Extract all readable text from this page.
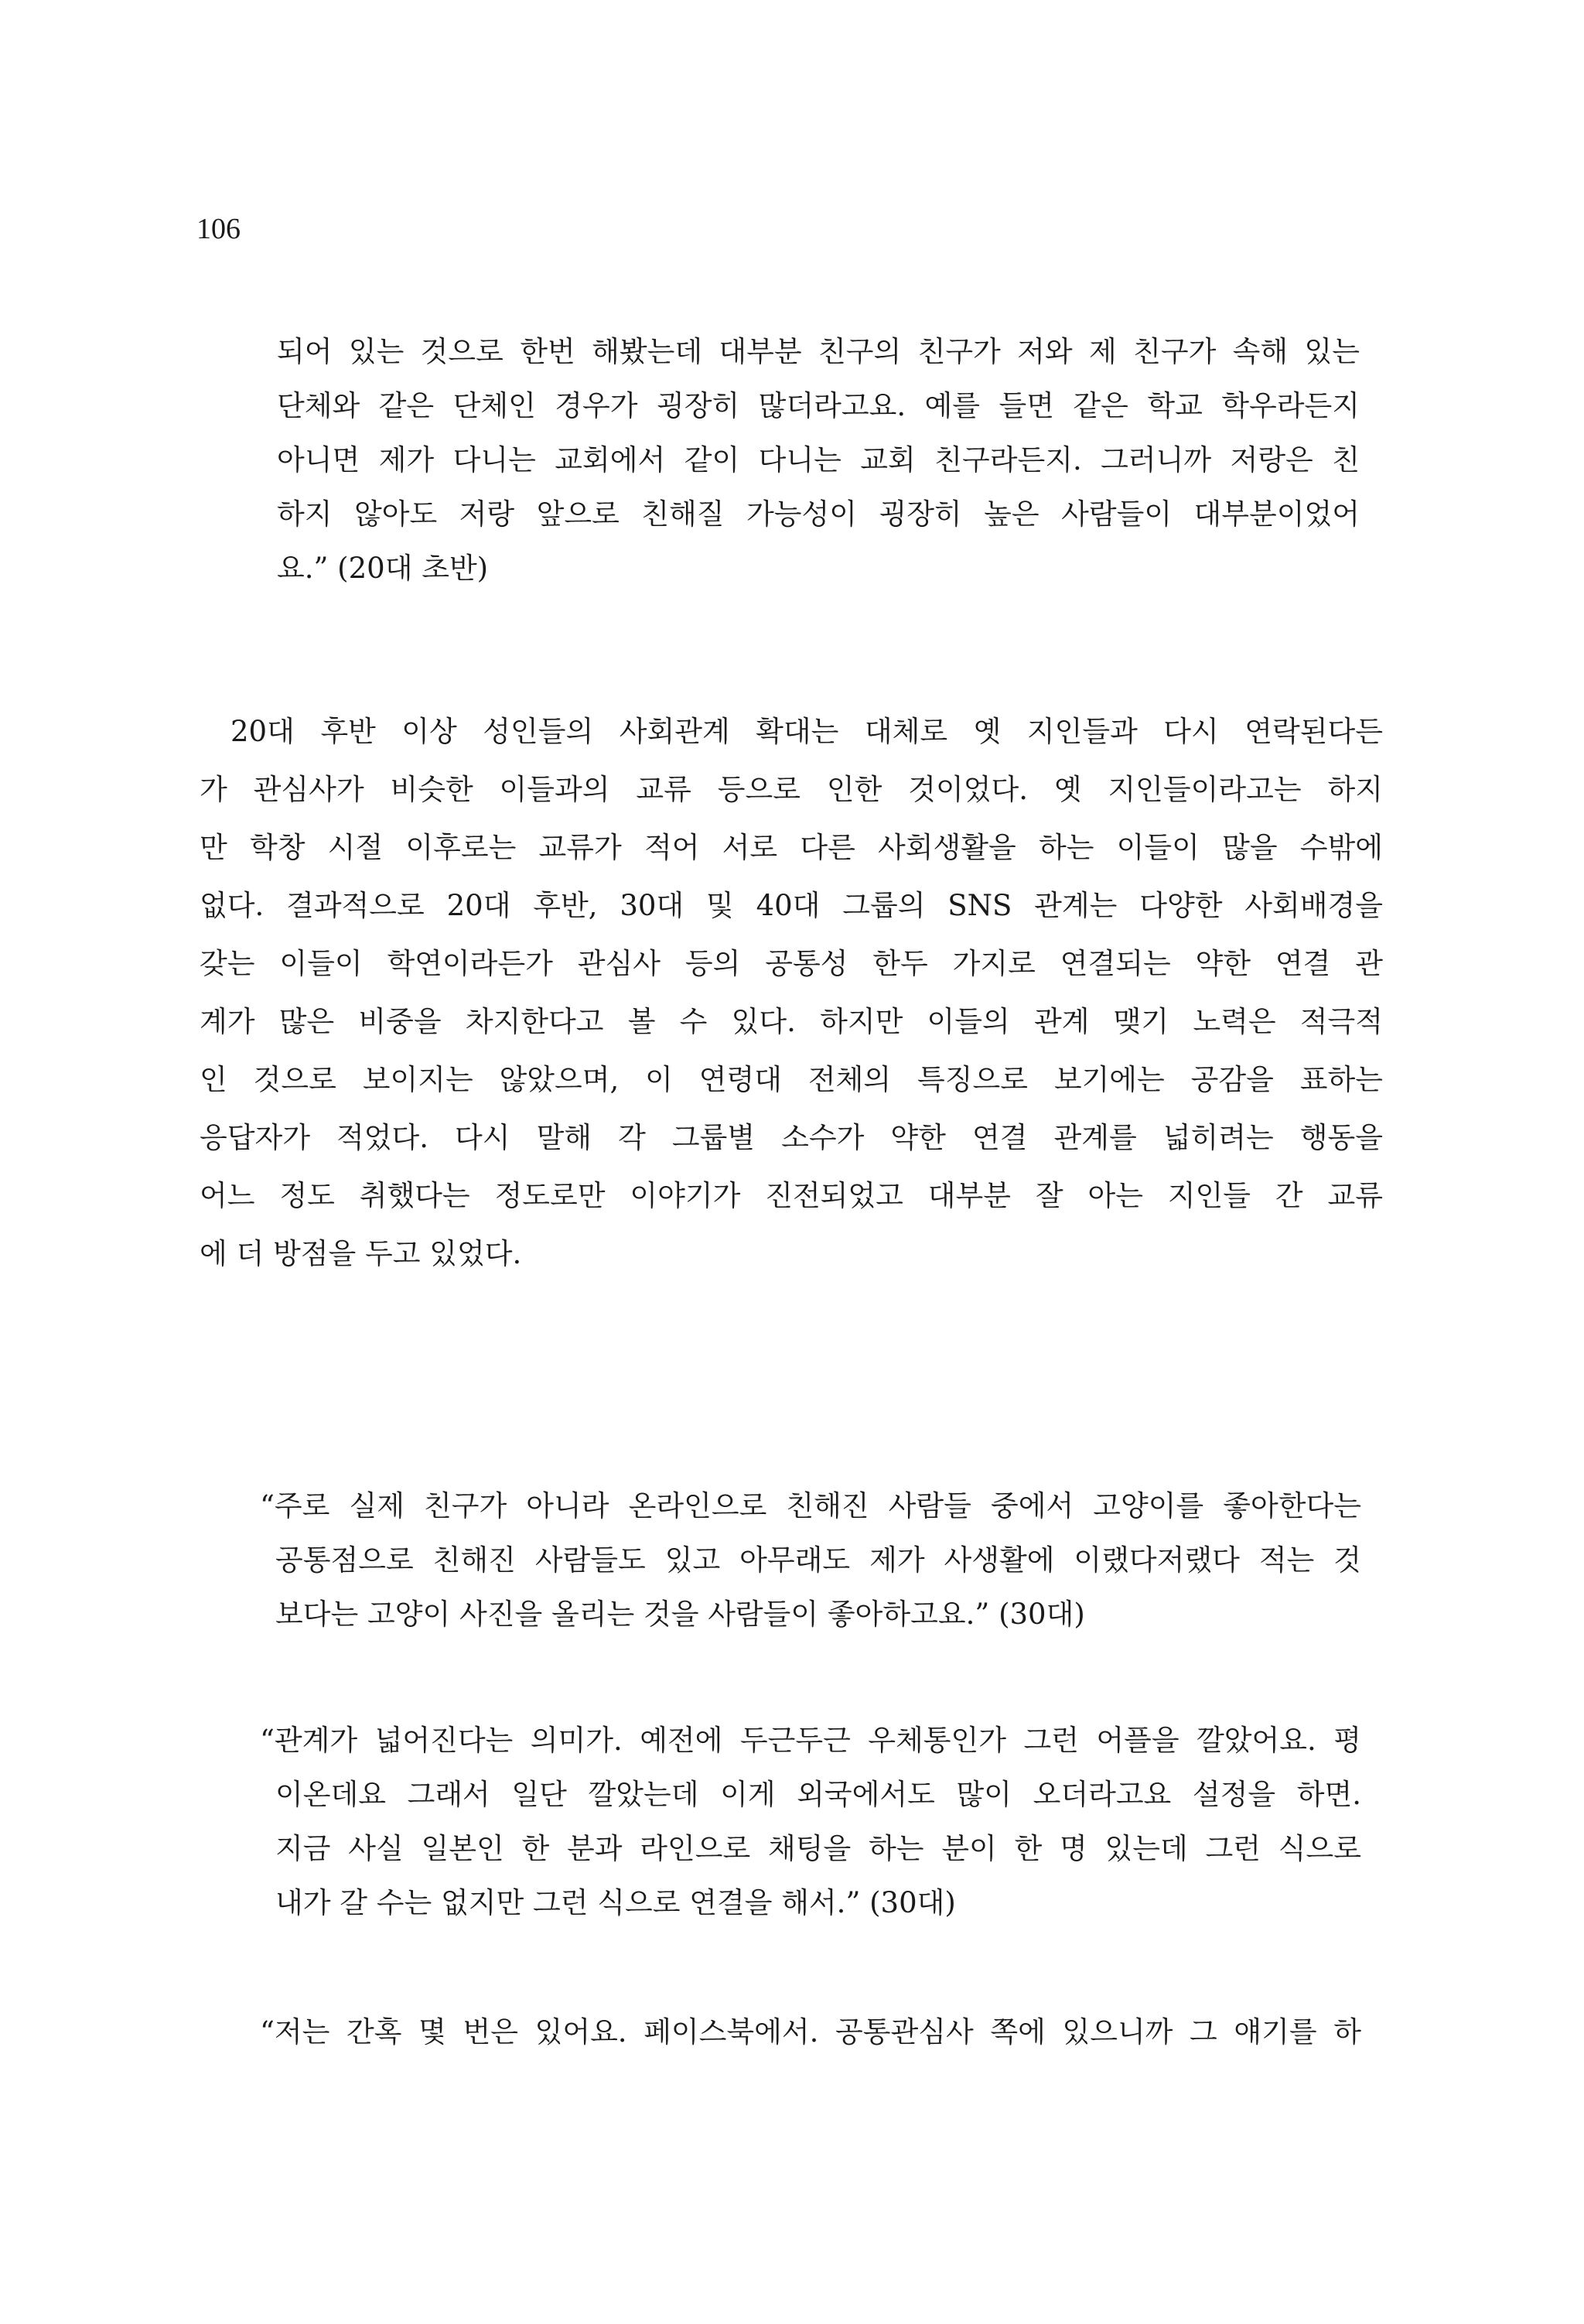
106
되어 있는 것으로 한번 해봤는데 대부분 친구의 친구가 저와 제 친구가 속해 있는
단체와 같은 단체인 경우가 굉장히 많더라고요. 예를 들면 같은 학교 학우라든지
아니면 제가 다니는 교회에서 같이 다니는 교회 친구라든지. 그러니까 저랑은 친
하지 않아도 저랑 앞으로 친해질 가능성이 굉장히 높은 사람들이 대부분이었어
요.” (20대 초반)
20대 후반 이상 성인들의 사회관계 확대는 대체로 옛 지인들과 다시 연락된다든
가 관심사가 비슷한 이들과의 교류 등으로 인한 것이었다. 옛 지인들이라고는 하지
만 학창 시절 이후로는 교류가 적어 서로 다른 사회생활을 하는 이들이 많을 수밖에
없다. 결과적으로 20대 후반, 30대 및 40대 그룹의 SNS 관계는 다양한 사회배경을
갖는 이들이 학연이라든가 관심사 등의 공통성 한두 가지로 연결되는 약한 연결 관
계가 많은 비중을 차지한다고 볼 수 있다. 하지만 이들의 관계 맺기 노력은 적극적
인 것으로 보이지는 않았으며, 이 연령대 전체의 특징으로 보기에는 공감을 표하는
응답자가 적었다. 다시 말해 각 그룹별 소수가 약한 연결 관계를 넓히려는 행동을
어느 정도 취했다는 정도로만 이야기가 진전되었고 대부분 잘 아는 지인들 간 교류
에 더 방점을 두고 있었다.
“주로 실제 친구가 아니라 온라인으로 친해진 사람들 중에서 고양이를 좋아한다는
공통점으로 친해진 사람들도 있고 아무래도 제가 사생활에 이랬다저랬다 적는 것
보다는 고양이 사진을 올리는 것을 사람들이 좋아하고요.” (30대)
“관계가 넓어진다는 의미가. 예전에 두근두근 우체통인가 그런 어플을 깔았어요. 평
이온데요 그래서 일단 깔았는데 이게 외국에서도 많이 오더라고요 설정을 하면.
지금 사실 일본인 한 분과 라인으로 채팅을 하는 분이 한 명 있는데 그런 식으로
내가 갈 수는 없지만 그런 식으로 연결을 해서.” (30대)
“저는 간혹 몇 번은 있어요. 페이스북에서. 공통관심사 쪽에 있으니까 그 얘기를 하
